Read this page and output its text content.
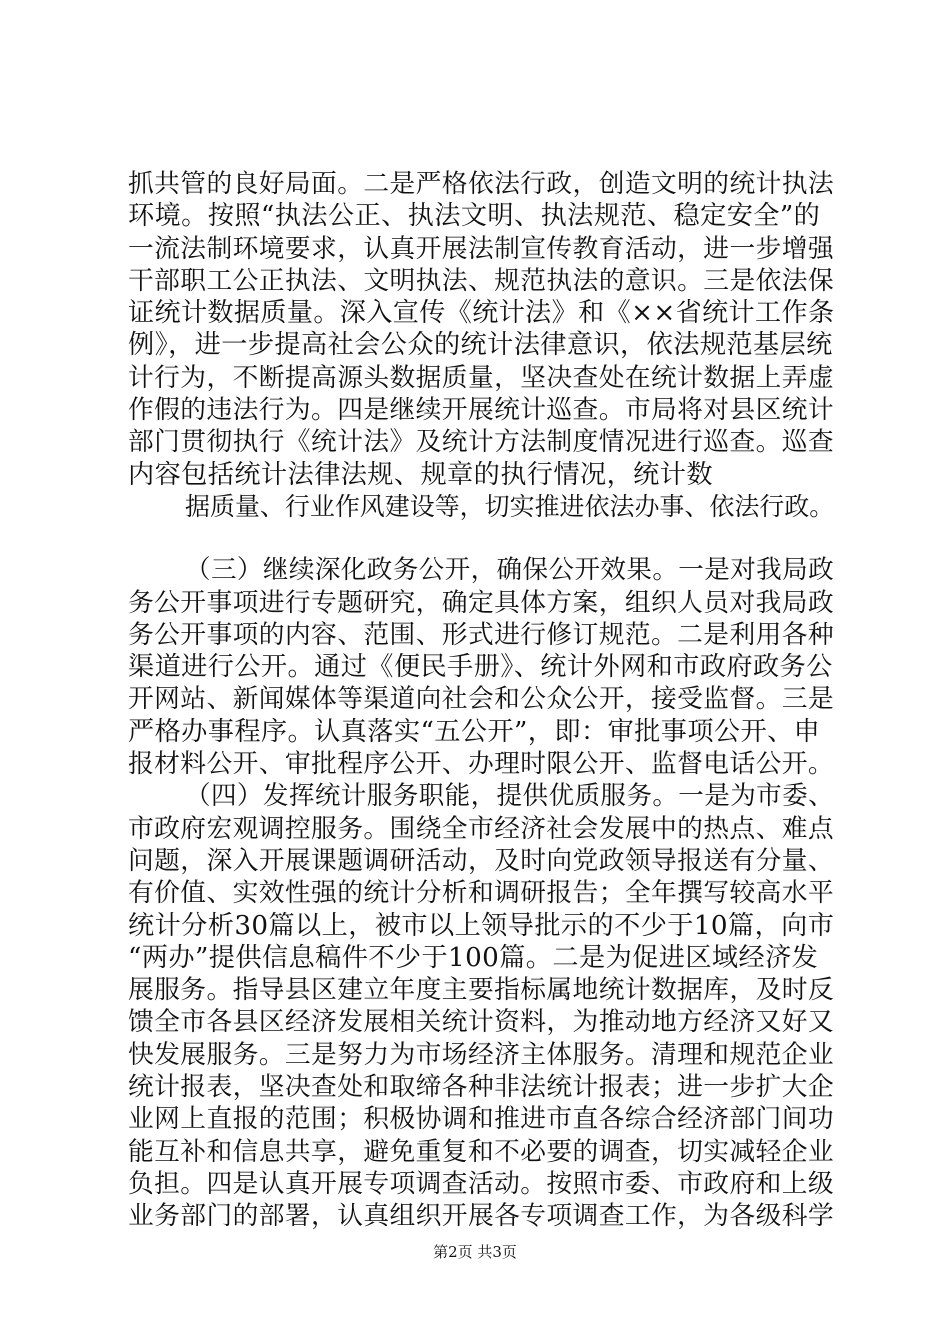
抓共管的良好局面。二是严格依法行政，创造文明的统计执法
环境。按照“执法公正、执法文明、执法规范、稳定安全”的
一流法制环境要求，认真开展法制宣传教育活动，进一步增强
干部职工公正执法、文明执法、规范执法的意识。三是依法保
证统计数据质量。深入宣传《统计法》和《××省统计工作条
例》，进一步提高社会公众的统计法律意识，依法规范基层统
计行为，不断提高源头数据质量，坚决查处在统计数据上弄虚
作假的违法行为。四是继续开展统计巡查。市局将对县区统计
部门贯彻执行《统计法》及统计方法制度情况进行巡查。巡查
内容包括统计法律法规、规章的执行情况，统计数
据质量、行业作风建设等，切实推进依法办事、依法行政。
（三）继续深化政务公开，确保公开效果。一是对我局政
务公开事项进行专题研究，确定具体方案，组织人员对我局政
务公开事项的内容、范围、形式进行修订规范。二是利用各种
渠道进行公开。通过《便民手册》、统计外网和市政府政务公
开网站、新闻媒体等渠道向社会和公众公开，接受监督。三是
严格办事程序。认真落实“五公开”，即：审批事项公开、申
报材料公开、审批程序公开、办理时限公开、监督电话公开。
（四）发挥统计服务职能，提供优质服务。一是为市委、
市政府宏观调控服务。围绕全市经济社会发展中的热点、难点
问题，深入开展课题调研活动，及时向党政领导报送有分量、
有价值、实效性强的统计分析和调研报告；全年撰写较高水平
统计分析30篇以上，被市以上领导批示的不少于10篇，向市
“两办”提供信息稿件不少于100篇。二是为促进区域经济发
展服务。指导县区建立年度主要指标属地统计数据库，及时反
馈全市各县区经济发展相关统计资料，为推动地方经济又好又
快发展服务。三是努力为市场经济主体服务。清理和规范企业
统计报表，坚决查处和取缔各种非法统计报表；进一步扩大企
业网上直报的范围；积极协调和推进市直各综合经济部门间功
能互补和信息共享，避免重复和不必要的调查，切实减轻企业
负担。四是认真开展专项调查活动。按照市委、市政府和上级
业务部门的部署，认真组织开展各专项调查工作，为各级科学
第2页 共3页
